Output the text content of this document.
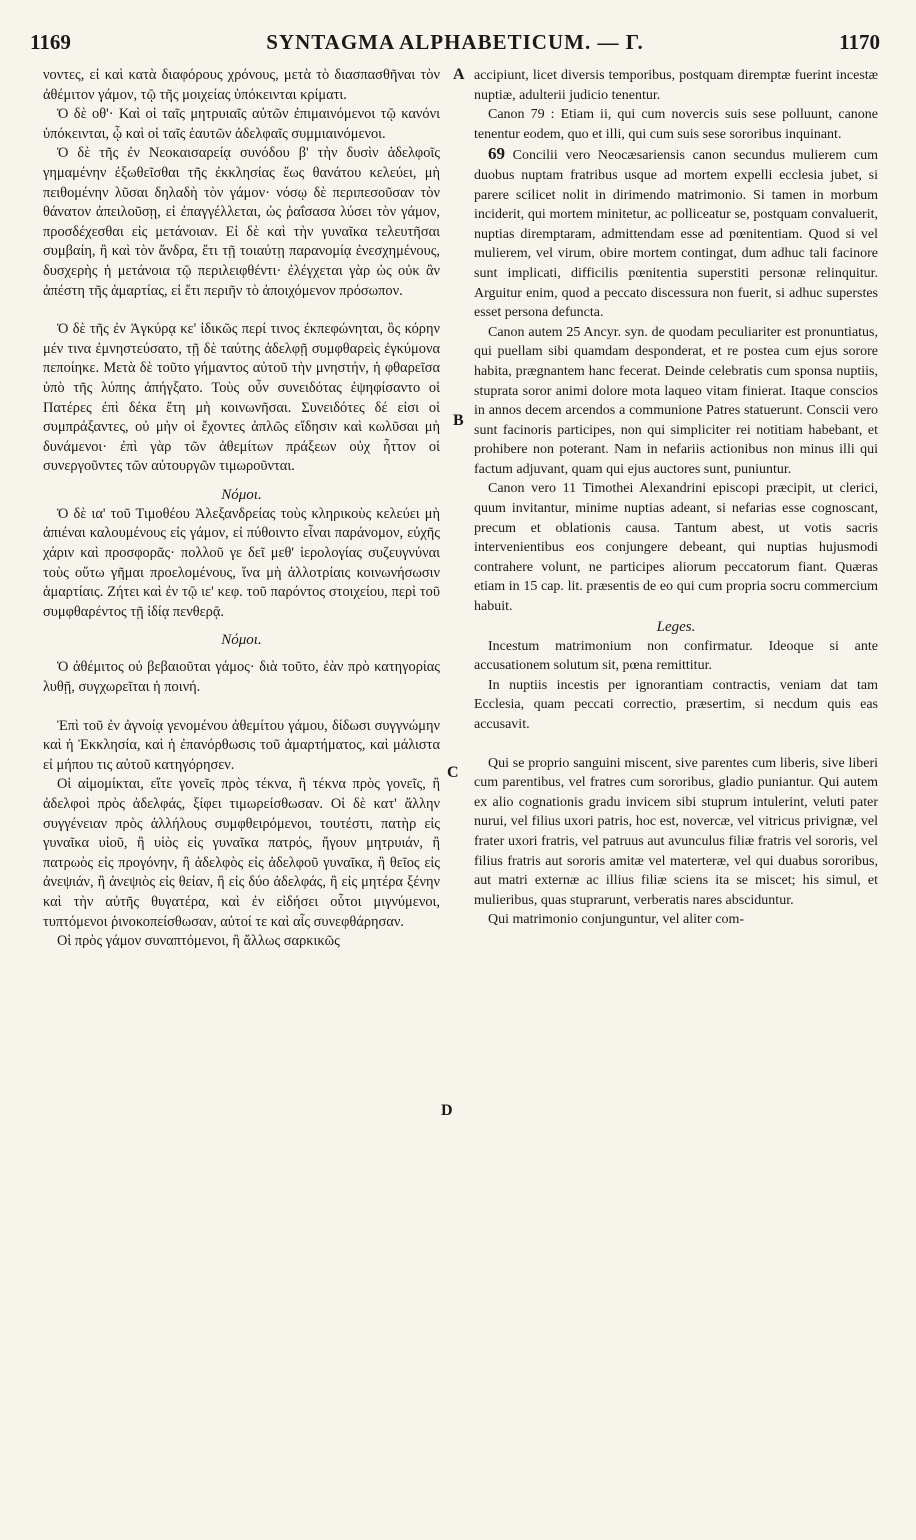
1169	SYNTAGMA ALPHABETICUM. — Γ.	1170
A
B
C
D

νοντες, εἰ καὶ κατὰ διαφόρους χρόνους, μετὰ τὸ διασπασθῆναι τὸν ἀθέμιτον γάμον, τῷ τῆς μοιχείας ὑπόκεινται κρίματι.

Ὁ δὲ οθ'· Καὶ οἱ ταῖς μητρυιαῖς αὐτῶν ἐπιμαινόμενοι τῷ κανόνι ὑπόκεινται, ᾧ καὶ οἱ ταῖς ἑαυτῶν ἀδελφαῖς συμμιαινόμενοι.

Ὁ δὲ τῆς ἐν Νεοκαισαρείᾳ συνόδου β' τὴν δυσὶν ἀδελφοῖς γημαμένην ἐξωθεῖσθαι τῆς ἐκκλησίας ἕως θανάτου κελεύει, μὴ πειθομένην λῦσαι δηλαδὴ τὸν γάμον· νόσῳ δὲ περιπεσοῦσαν τὸν θάνατον ἀπειλοῦσῃ, εἰ ἐπαγγέλλεται, ὡς ῥαΐσασα λύσει τὸν γάμον, προσδέχεσθαι εἰς μετάνοιαν. Εἰ δὲ καὶ τὴν γυναῖκα τελευτῆσαι συμβαίη, ἢ καὶ τὸν ἄνδρα, ἔτι τῇ τοιαύτῃ παρανομίᾳ ἐνεσχημένους, δυσχερὴς ἡ μετάνοια τῷ περιλειφθέντι· ἐλέγχεται γὰρ ὡς οὐκ ἂν ἀπέστη τῆς ἁμαρτίας, εἰ ἔτι περιῆν τὸ ἀποιχόμενον πρόσωπον.

Ὁ δὲ τῆς ἐν Ἀγκύρᾳ κε' ἰδικῶς περί τινος ἐκπεφώνηται, ὃς κόρην μέν τινα ἐμνηστεύσατο, τῇ δὲ ταύτης ἀδελφῇ συμφθαρεὶς ἐγκύμονα πεποίηκε. Μετὰ δὲ τοῦτο γήμαντος αὐτοῦ τὴν μνηστήν, ἡ φθαρεῖσα ὑπὸ τῆς λύπης ἀπήγξατο. Τοὺς οὖν συνειδότας ἐψηφίσαντο οἱ Πατέρες ἐπὶ δέκα ἔτη μὴ κοινωνῆσαι. Συνειδότες δέ εἰσι οἱ συμπράξαντες, οὐ μὴν οἱ ἔχοντες ἁπλῶς εἴδησιν καὶ κωλῦσαι μὴ δυνάμενοι· ἐπὶ γὰρ τῶν ἀθεμίτων πράξεων οὐχ ἧττον οἱ συνεργοῦντες τῶν αὐτουργῶν τιμωροῦνται.

Νόμοι.

Ὁ δὲ ια' τοῦ Τιμοθέου Ἀλεξανδρείας τοὺς κληρικοὺς κελεύει μὴ ἀπιέναι καλουμένους εἰς γάμον, εἰ πύθοιντο εἶναι παράνομον, εὐχῆς χάριν καὶ προσφορᾶς· πολλοῦ γε δεῖ μεθ' ἱερολογίας συζευγνύναι τοὺς οὕτω γῆμαι προελομένους, ἵνα μὴ ἀλλοτρίαις κοινωνήσωσιν ἁμαρτίαις. Ζήτει καὶ ἐν τῷ ιε' κεφ. τοῦ παρόντος στοιχείου, περὶ τοῦ συμφθαρέντος τῇ ἰδίᾳ πενθερᾷ.

Νόμοι.

Ὁ ἀθέμιτος οὐ βεβαιοῦται γάμος· διὰ τοῦτο, ἐὰν πρὸ κατηγορίας λυθῇ, συγχωρεῖται ἡ ποινή.

Ἐπὶ τοῦ ἐν ἀγνοίᾳ γενομένου ἀθεμίτου γάμου, δίδωσι συγγνώμην καὶ ἡ Ἐκκλησία, καὶ ἡ ἐπανόρθωσις τοῦ ἁμαρτήματος, καὶ μάλιστα εἰ μήπου τις αὐτοῦ κατηγόρησεν.

Οἱ αἱμομίκται, εἴτε γονεῖς πρὸς τέκνα, ἢ τέκνα πρὸς γονεῖς, ἢ ἀδελφοὶ πρὸς ἀδελφάς, ξίφει τιμωρείσθωσαν. Οἱ δὲ κατ' ἄλλην συγγένειαν πρὸς ἀλλήλους συμφθειρόμενοι, τουτέστι, πατὴρ εἰς γυναῖκα υἱοῦ, ἢ υἱὸς εἰς γυναῖκα πατρός, ἤγουν μητρυιάν, ἢ πατρωὸς εἰς προγόνην, ἢ ἀδελφὸς εἰς ἀδελφοῦ γυναῖκα, ἢ θεῖος εἰς ἀνεψιάν, ἢ ἀνεψιὸς εἰς θείαν, ἢ εἰς δύο ἀδελφάς, ἢ εἰς μητέρα ξένην καὶ τὴν αὐτῆς θυγατέρα, καὶ ἐν εἰδήσει οὗτοι μιγνύμενοι, τυπτόμενοι ῥινοκοπείσθωσαν, αὐτοί τε καὶ αἷς συνεφθάρησαν.

Οἱ πρὸς γάμον συναπτόμενοι, ἢ ἄλλως σαρκικῶς

accipiunt, licet diversis temporibus, postquam diremptæ fuerint incestæ nuptiæ, adulterii judicio tenentur.

Canon 79 : Etiam ii, qui cum novercis suis sese polluunt, canone tenentur eodem, quo et illi, qui cum suis sese sororibus inquinant.

69 Concilii vero Neocæsariensis canon secundus mulierem cum duobus nuptam fratribus usque ad mortem expelli ecclesia jubet, si parere scilicet nolit in dirimendo matrimonio. Si tamen in morbum inciderit, qui mortem minitetur, ac polliceatur se, postquam convaluerit, nuptias diremptaram, admittendam esse ad pœnitentiam. Quod si vel mulierem, vel virum, obire mortem contingat, dum adhuc tali facinore sunt implicati, difficilis pœnitentia superstiti personæ relinquitur. Arguitur enim, quod a peccato discessura non fuerit, si adhuc superstes esset persona defuncta.

Canon autem 25 Ancyr. syn. de quodam peculiariter est pronuntiatus, qui puellam sibi quamdam desponderat, et re postea cum ejus sorore habita, prægnantem hanc fecerat. Deinde celebratis cum sponsa nuptiis, stuprata soror animi dolore mota laqueo vitam finierat. Itaque conscios in annos decem arcendos a communione Patres statuerunt. Conscii vero sunt facinoris participes, non qui simpliciter rei notitiam habebant, et prohibere non poterant. Nam in nefariis actionibus non minus illi qui factum adjuvant, quam qui ejus auctores sunt, puniuntur.

Canon vero 11 Timothei Alexandrini episcopi præcipit, ut clerici, quum invitantur, minime nuptias adeant, si nefarias esse cognoscant, precum et oblationis causa. Tantum abest, ut votis sacris intervenientibus eos conjungere debeant, qui nuptias hujusmodi contrahere volunt, ne participes aliorum peccatorum fiant. Quæras etiam in 15 cap. lit. præsentis de eo qui cum propria socru commercium habuit.

Leges.

Incestum matrimonium non confirmatur. Ideoque si ante accusationem solutum sit, pœna remittitur.

In nuptiis incestis per ignorantiam contractis, veniam dat tam Ecclesia, quam peccati correctio, præsertim, si necdum quis eas accusavit.

Qui se proprio sanguini miscent, sive parentes cum liberis, sive liberi cum parentibus, vel fratres cum sororibus, gladio puniantur. Qui autem ex alio cognationis gradu invicem sibi stuprum intulerint, veluti pater nurui, vel filius uxori patris, hoc est, novercæ, vel vitricus privignæ, vel frater uxori fratris, vel patruus aut avunculus filiæ fratris vel sororis, vel filius fratris aut sororis amitæ vel materteræ, vel qui duabus sororibus, aut matri externæ ac illius filiæ sciens ita se miscet; his simul, et mulieribus, quas stuprarunt, verberatis nares absciduntur.

Qui matrimonio conjunguntur, vel aliter com-
